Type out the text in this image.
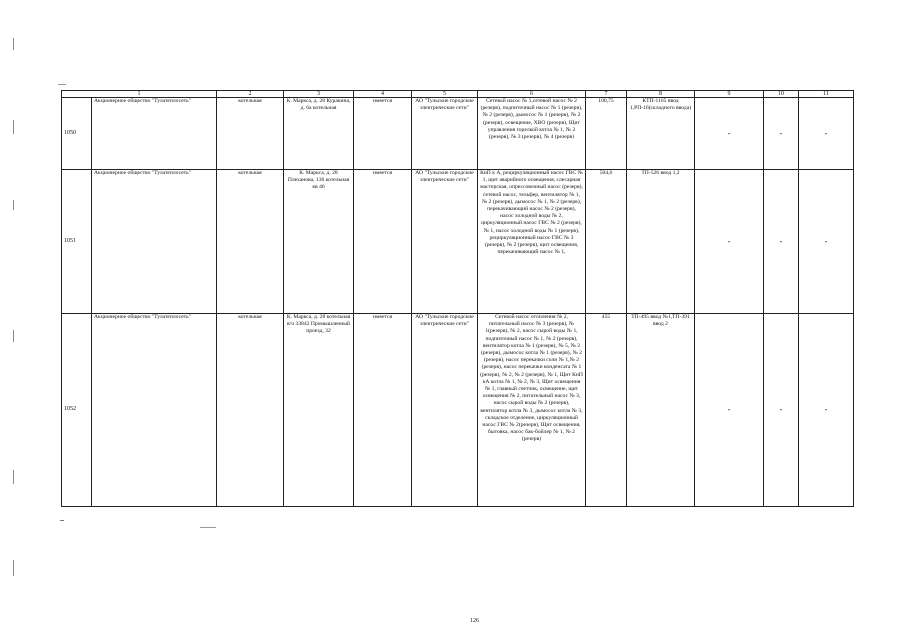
1		2	3	4	5	6	7	8	9	10	11
1050	Акционерное общество "Тулатеплосеть"	котельная	К. Маркса, д. 28 Куракина, д. 6а котельная	имеется	АО "Тульские городские электрические сети"	Сетевой насос № 1,сетевой насос № 2 (резерв), подпиточный насос № 1 (резерв), № 2 (резерв), дымосос № 1 (резерв), № 2 (резерв), освещение, ХВО (резерв), Щит управления горелкой котла № 1, № 2 (резерв), № 3 (резерв), № 4 (резерв)	100,75	КТП-1165 ввод 1,РП-16(складного ввода)	-	-	-
1051	Акционерное общество "Тулатеплосеть"	котельная	К. Маркса, д. 28 Плеханова, 136 котельная кв 46	имеется	АО "Тульские городские электрические сети"	КнП к А, рециркуляционный насос ГВС № 1, щит аварийного освещения, слесарная мастерская, опрессовочный насос (резерв), сетевой насос, тельфер, вентилятор № 1, № 2 (резерв), дымосос № 1, № 2 (резерв), перекачивающий насос № 2 (резерв), насос холодной воды № 2, циркуляционный насос ГВС № 2 (резерв), № 1, насос холодной воды № 1 (резерв), рециркуляционный насос ГВС № 3 (резерв), № 2 (резерв), щит освещения, перекачивающий насос № 1,	504,6	ТП-526 ввод 1,2	-	-	-
1052	Акционерное общество "Тулатеплосеть"	котельная	К. Маркса, д. 28 котельная в/ч 33842 Промышленный проезд, 32	имеется	АО "Тульские городские электрические сети"	Сетевой насос отопления № 2, питательный насос № 3 (резерв), № 1(резерв), № 2, насос сырой воды № 1, подпиточный насос № 1, № 2 (резерв), вентилятор котла № 1 (резерв), № 5, № 2 (резерв), дымосос котла № 1 (резерв), № 2 (резерв), насос перекачки соли № 1,№ 2 (резерв), насос перекачки конденсата № 1 (резерв), № 2, № 2 (резерв), № 1, Щит КнП кА котла № 1, № 2, № 3, Щит освещения № 1, главный счетчик, освещение, щит освещения № 2, питательный насос № 3, насос сырой воды № 2 (резерв), вентилятор котла № 3, дымосос котла № 3, складское отделение, циркуляционный насос ГВС № 2(резерв), Щит освещения, бытовка, насос бак-бойлер № 1, № 2 (резерв)	455	ТП-495 ввод №1,ТП-391 ввод 2	-	-	-
126
